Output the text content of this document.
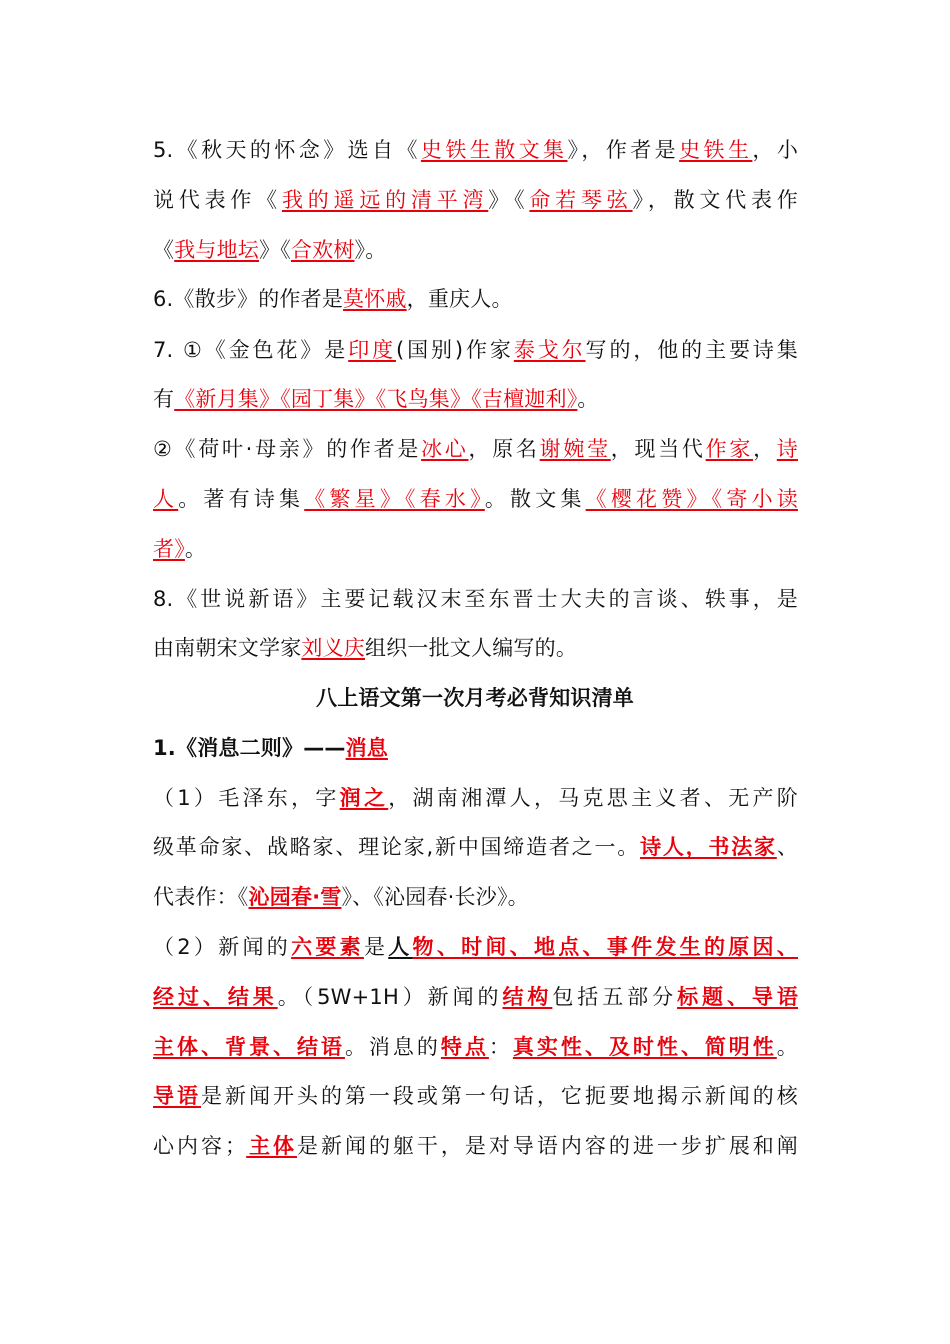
5.《秋天的怀念》选自《史铁生散文集》，作者是史铁生，小
说代表作《我的遥远的清平湾》《命若琴弦》，散文代表作
《我与地坛》《合欢树》。
6.《散步》的作者是莫怀戚，重庆人。
7. ①《金色花》是印度(国别)作家泰戈尔写的，他的主要诗集
有《新月集》《园丁集》《飞鸟集》《吉檀迦利》。
②《荷叶·母亲》的作者是冰心，原名谢婉莹，现当代作家，诗
人。著有诗集《繁星》《春水》。散文集《樱花赞》《寄小读
者》。
8.《世说新语》主要记载汉末至东晋士大夫的言谈、轶事，是
由南朝宋文学家刘义庆组织一批文人编写的。
八上语文第一次月考必背知识清单
1.《消息二则》——消息
（1）毛泽东，字润之，湖南湘潭人，马克思主义者、无产阶
级革命家、战略家、理论家,新中国缔造者之一。诗人，书法家、
代表作：《沁园春·雪》、《沁园春·长沙》。
（2）新闻的六要素是人物、时间、地点、事件发生的原因、
经过、结果。（5W+1H）新闻的结构包括五部分标题、导语
主体、背景、结语。消息的特点：真实性、及时性、简明性。
导语是新闻开头的第一段或第一句话，它扼要地揭示新闻的核
心内容；主体是新闻的躯干，是对导语内容的进一步扩展和阐
